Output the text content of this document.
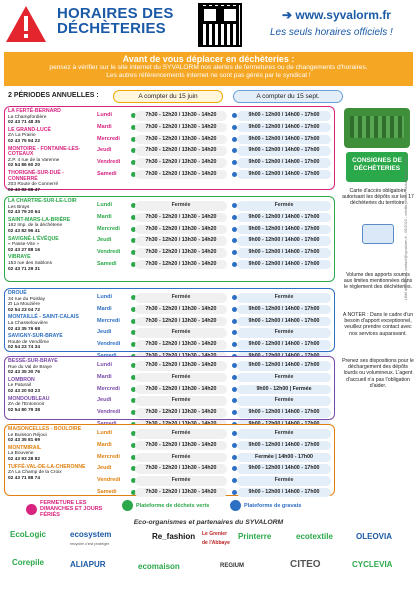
HORAIRES DES
DÉCHÈTERIES
➔ www.syvalorm.fr
Les seuls horaires officiels !
Avant de vous déplacer en déchèteries :
pensez à vérifier sur le site internet du SYVALORM nos alertes de fermetures ou de changements d'horaires.
Les autres référencements internet ne sont pas gérés par le syndicat !
2 PÉRIODES ANNUELLES :	A compter du 15 juin	A compter du 15 sept.
LA FERTÉ-BERNARD
La Champfordière
02 43 71 48 35
LE GRAND-LUCÉ
ZA La Prairie
02 43 75 94 22
MONTOIRE - FONTAINE-LES-COTEAUX
Z.P. 4 rue de la Varenne
02 54 86 60 20
THORIGNÉ-SUR-DUÉ - CONNERRÉ
203 Route de Connerré
02 43 82 88 47
Lundi	7h30 - 12h20 / 13h30 - 14h20	9h00 - 12h00 / 14h00 - 17h00
Mardi	7h30 - 12h20 / 13h30 - 14h20	9h00 - 12h00 / 14h00 - 17h00
Mercredi	7h30 - 12h20 / 13h30 - 14h20	9h00 - 12h00 / 14h00 - 17h00
Jeudi	7h30 - 12h20 / 13h30 - 14h20	9h00 - 12h00 / 14h00 - 17h00
Vendredi	7h30 - 12h20 / 13h30 - 14h20	9h00 - 12h00 / 14h00 - 17h00
Samedi	7h30 - 12h20 / 13h30 - 14h20	9h00 - 12h00 / 14h00 - 17h00
LA CHARTRE-SUR-LE-LOIR
Les Brays
02 43 79 20 64
SAINT-MARS-LA-BRIÈRE
162 Imp. de la déchèterie
02 43 82 96 41
SAVIGNÉ-L'ÉVÊQUE
« Passe-Vite »
02 43 27 88 16
VIBRAYE
153 rue des Sablons
02 43 71 29 31
Lundi	Fermée	Fermée
Mardi	7h30 - 12h20 / 13h30 - 14h20	9h00 - 12h00 / 14h00 - 17h00
Mercredi	7h30 - 12h20 / 13h30 - 14h20	9h00 - 12h00 / 14h00 - 17h00
Jeudi	7h30 - 12h20 / 13h30 - 14h20	9h00 - 12h00 / 14h00 - 17h00
Vendredi	7h30 - 12h20 / 13h30 - 14h20	9h00 - 12h00 / 14h00 - 17h00
Samedi	7h30 - 12h20 / 13h30 - 14h20	9h00 - 12h00 / 14h00 - 17h00
DROUÉ
34 rue du Poislay
ZI La Mouzière
02 54 23 04 72
MONTAILLÉ - SAINT-CALAIS
La Chasselouvière
02 43 35 76 68
SAVIGNY-SUR-BRAYE
Route de Vendôme
02 54 23 74 34
Lundi	Fermée	Fermée
Mardi	7h30 - 12h20 / 13h30 - 14h20	9h00 - 12h00 / 14h00 - 17h00
Mercredi	7h30 - 12h20 / 13h30 - 14h20	9h00 - 12h00 / 14h00 - 17h00
Jeudi	Fermée	Fermée
Vendredi	7h30 - 12h20 / 13h30 - 14h20	9h00 - 12h00 / 14h00 - 17h00
BESSÉ-SUR-BRAYE
Rue du Val de Braye
02 43 35 30 76
LOMBRON
Le Paturail
02 43 20 93 23
MONDOUBLEAU
ZA de l'Entonnoir
02 54 80 79 38
Lundi	7h30 - 12h20 / 13h30 - 14h20	9h00 - 12h00 / 14h00 - 17h00
Mardi	Fermée	Fermée
Mercredi	7h30 - 12h20 / 13h30 - 14h20	9h00 - 12h00 | Fermée
Jeudi	Fermée	Fermée
Vendredi	7h30 - 12h20 / 13h30 - 14h20	9h00 - 12h00 / 14h00 - 17h00
MAISONCELLES - BOULOIRE
Le Buisson Réjoui
02 43 35 81 69
MONTMIRAIL
La Bouverie
02 43 93 28 82
TUFFÉ-VAL-DE-LA-CHERONNE
ZA La Champ de la Croix
02 43 71 88 74
Lundi	Fermée	Fermée
Mardi	7h30 - 12h20 / 13h30 - 14h20	9h00 - 12h00 / 14h00 - 17h00
Mercredi	Fermée	Fermée | 14h00 - 17h00
Jeudi	7h30 - 12h20 / 13h30 - 14h20	9h00 - 12h00 / 14h00 - 17h00
Vendredi	Fermée	Fermée
Samedi	7h30 - 12h20 / 13h30 - 14h20	9h00 - 12h00 / 14h00 - 17h00
CONSIGNES DE DÉCHÈTERIES

Carte d'accès obligatoire autorisant les dépôts sur les 17 déchèteries du territoire.

Volume des apports soumis aux limites mentionnées dans le règlement des déchèteries.

A NOTER : Dans le cadre d'un besoin d'apport exceptionnel, veuillez prendre contact avec nos services auparavant.

Prenez ses dispositions pour le déchargement des dépôts lourds ou volumineux. L'agent d'accueil n'a pas l'obligation d'aider.

LBM de éditeur - contact@syvalorm.fr - 09/2023 - crédits photos : Adobestock - CITEO
FERMETURE LES DIMANCHES ET JOURS FÉRIÉS
Plateforme de déchets verts	Plateforme de gravats
Eco-organismes et partenaires du SYVALORM
EcoLogic	ecosystem
recycler c'est protéger
Re_fashion Le Grenier de l'Abbaye
Printerre	ecotextile	OLEOVIA
Corepile	ALIAPUR	ecomaison	REGIUM	CITEO	CYCLEVIA
